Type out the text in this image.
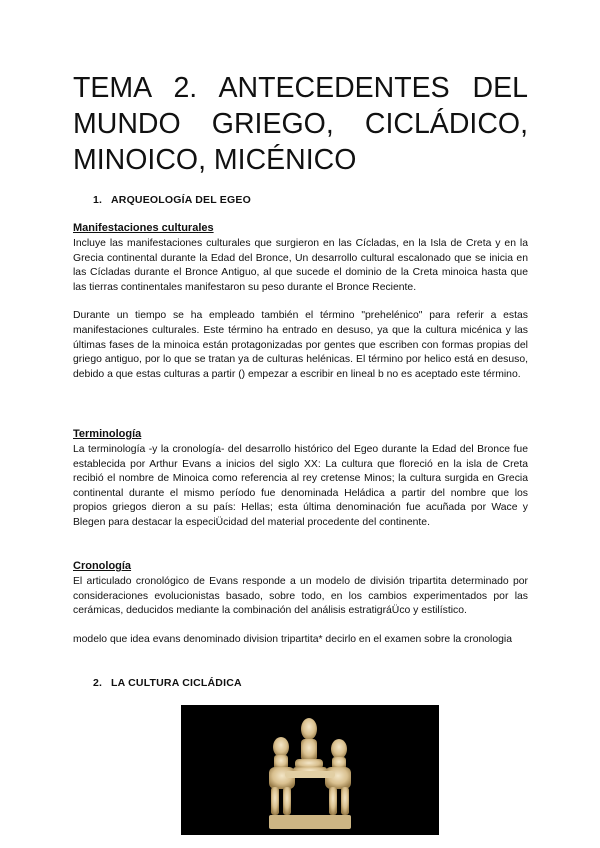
TEMA 2. ANTECEDENTES DEL
MUNDO GRIEGO, CICLÁDICO,
MINOICO, MICÉNICO
1. ARQUEOLOGÍA DEL EGEO

Manifestaciones culturales

Incluye las manifestaciones culturales que surgieron en las Cícladas, en la Isla de Creta y en la Grecia continental durante la Edad del Bronce, Un desarrollo cultural escalonado que se inicia en las Cícladas durante el Bronce Antiguo, al que sucede el dominio de la Creta minoica hasta que las tierras continentales manifestaron su peso durante el Bronce Reciente.

Durante un tiempo se ha empleado también el término "prehelénico" para referir a estas manifestaciones culturales. Este término ha entrado en desuso, ya que la cultura micénica y las últimas fases de la minoica están protagonizadas por gentes que escriben con formas propias del griego antiguo, por lo que se tratan ya de culturas helénicas. El término por helico está en desuso, debido a que estas culturas a partir () empezar a escribir en lineal b no es aceptado este término.

Terminología

La terminología -y la cronología- del desarrollo histórico del Egeo durante la Edad del Bronce fue establecida por Arthur Evans a inicios del siglo XX: La cultura que floreció en la isla de Creta recibió el nombre de Minoica como referencia al rey cretense Minos; la cultura surgida en Grecia continental durante el mismo período fue denominada Heládica a partir del nombre que los propios griegos dieron a su país: Hellas; esta última denominación fue acuñada por Wace y Blegen para destacar la especiÜcidad del material procedente del continente.

Cronología

El articulado cronológico de Evans responde a un modelo de división tripartita determinado por consideraciones evolucionistas basado, sobre todo, en los cambios experimentados por las cerámicas, deducidos mediante la combinación del análisis estratigráÜco y estilístico.

modelo que idea evans denominado division tripartita* decirlo en el examen sobre la cronologia

2. LA CULTURA CICLÁDICA
